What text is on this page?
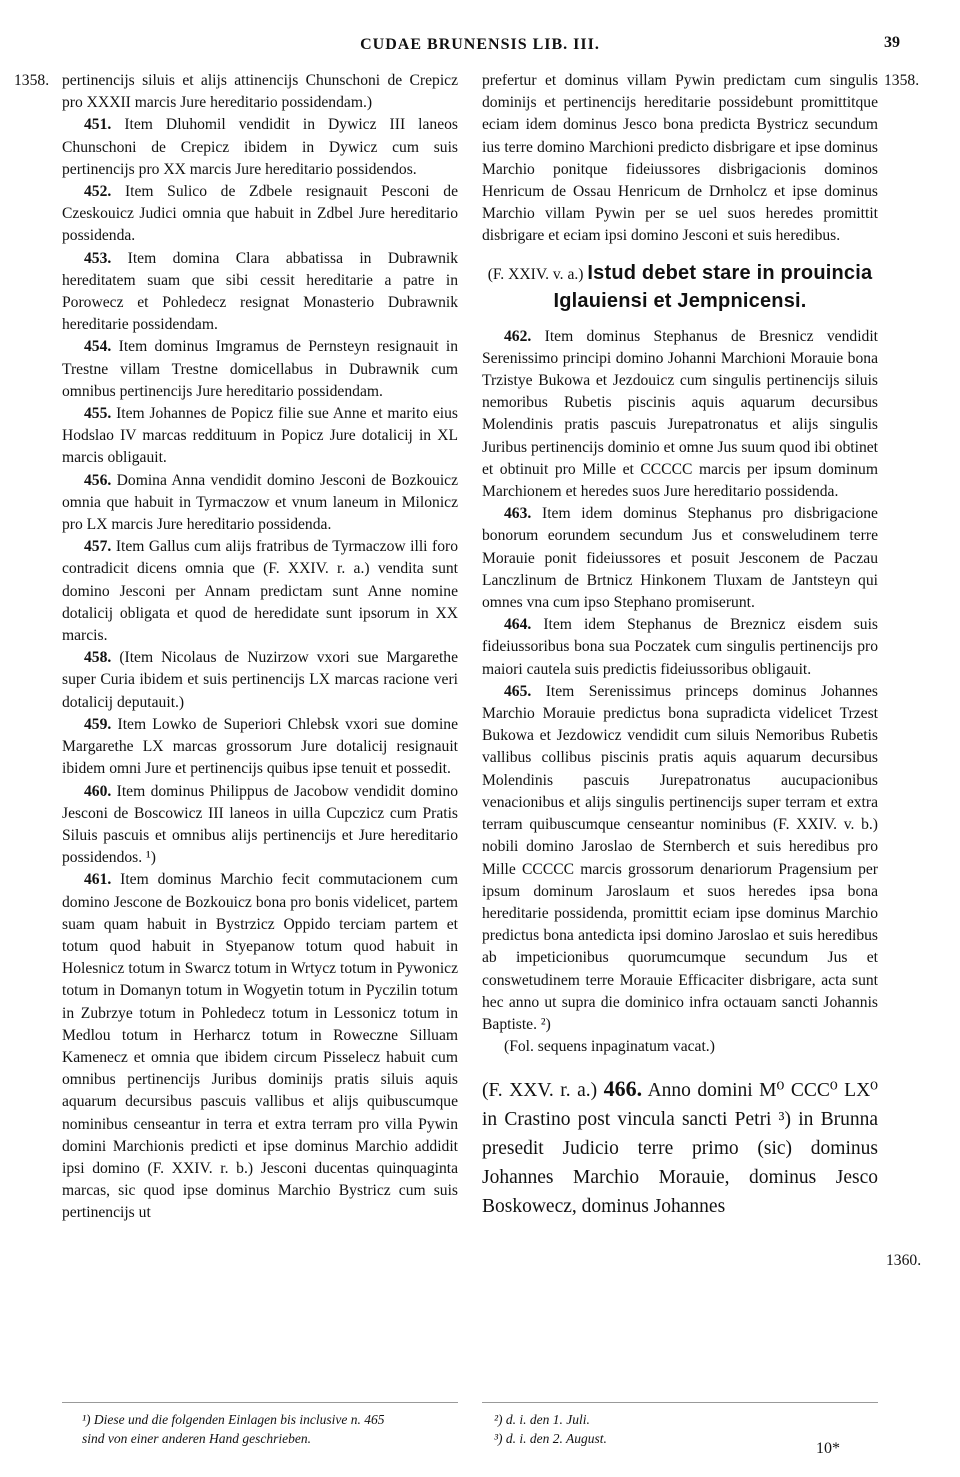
CUDAE BRUNENSIS LIB. III.	39
1358.	1358.
1360.

pertinencijs siluis et alijs attinencijs Chunschoni de Crepicz pro XXXII marcis Jure hereditario possidendam.)

451. Item Dluhomil vendidit in Dywicz III laneos Chunschoni de Crepicz ibidem in Dywicz cum suis pertinencijs pro XX marcis Jure hereditario possidendos.

452. Item Sulico de Zdbele resignauit Pesconi de Czeskouicz Judici omnia que habuit in Zdbel Jure hereditario possidenda.

453. Item domina Clara abbatissa in Dubrawnik hereditatem suam que sibi cessit hereditarie a patre in Porowecz et Pohledecz resignat Monasterio Dubrawnik hereditarie possidendam.

454. Item dominus Imgramus de Pernsteyn resignauit in Trestne villam Trestne domicellabus in Dubrawnik cum omnibus pertinencijs Jure hereditario possidendam.

455. Item Johannes de Popicz filie sue Anne et marito eius Hodslao IV marcas reddituum in Popicz Jure dotalicij in XL marcis obligauit.

456. Domina Anna vendidit domino Jesconi de Bozkouicz omnia que habuit in Tyrmaczow et vnum laneum in Milonicz pro LX marcis Jure hereditario possidenda.

457. Item Gallus cum alijs fratribus de Tyrmaczow illi foro contradicit dicens omnia que (F. XXIV. r. a.) vendita sunt domino Jesconi per Annam predictam sunt Anne nomine dotalicij obligata et quod de heredidate sunt ipsorum in XX marcis.

458. (Item Nicolaus de Nuzirzow vxori sue Margarethe super Curia ibidem et suis pertinencijs LX marcas racione veri dotalicij deputauit.)

459. Item Lowko de Superiori Chlebsk vxori sue domine Margarethe LX marcas grossorum Jure dotalicij resignauit ibidem omni Jure et pertinencijs quibus ipse tenuit et possedit.

460. Item dominus Philippus de Jacobow vendidit domino Jesconi de Boscowicz III laneos in uilla Cupczicz cum Pratis Siluis pascuis et omnibus alijs pertinencijs et Jure hereditario possidendos. ¹)

461. Item dominus Marchio fecit commutacionem cum domino Jescone de Bozkouicz bona pro bonis videlicet, partem suam quam habuit in Bystrzicz Oppido terciam partem et totum quod habuit in Styepanow totum quod habuit in Holesnicz totum in Swarcz totum in Wrtycz totum in Pywonicz totum in Domanyn totum in Wogyetin totum in Pyczilin totum in Zubrzye totum in Pohledecz totum in Lessonicz totum in Medlou totum in Herharcz totum in Roweczne Silluam Kamenecz et omnia que ibidem circum Pisselecz habuit cum omnibus pertinencijs Juribus dominijs pratis siluis aquis aquarum decursibus pascuis vallibus et alijs quibuscumque nominibus censeantur in terra et extra terram pro villa Pywin domini Marchionis predicti et ipse dominus Marchio addidit ipsi domino (F. XXIV. r. b.) Jesconi ducentas quinquaginta marcas, sic quod ipse dominus Marchio Bystricz cum suis pertinencijs ut

prefertur et dominus villam Pywin predictam cum singulis dominijs et pertinencijs hereditarie possidebunt promittitque eciam idem dominus Jesco bona predicta Bystricz secundum ius terre domino Marchioni predicto disbrigare et ipse dominus Marchio ponitque fideiussores disbrigacionis dominos Henricum de Ossau Henricum de Drnholcz et ipse dominus Marchio villam Pywin per se uel suos heredes promittit disbrigare et eciam ipsi domino Jesconi et suis heredibus.

(F. XXIV. v. a.) Istud debet stare in prouincia
Iglauiensi et Jempnicensi.

462. Item dominus Stephanus de Bresnicz vendidit Serenissimo principi domino Johanni Marchioni Morauie bona Trzistye Bukowa et Jezdouicz cum singulis pertinencijs siluis nemoribus Rubetis piscinis aquis aquarum decursibus Molendinis pratis pascuis Jurepatronatus et alijs singulis Juribus pertinencijs dominio et omne Jus suum quod ibi obtinet et obtinuit pro Mille et CCCCC marcis per ipsum dominum Marchionem et heredes suos Jure hereditario possidenda.

463. Item idem dominus Stephanus pro disbrigacione bonorum eorundem secundum Jus et consweludinem terre Morauie ponit fideiussores et posuit Jesconem de Paczau Lanczlinum de Brtnicz Hinkonem Tluxam de Jantsteyn qui omnes vna cum ipso Stephano promiserunt.

464. Item idem Stephanus de Breznicz eisdem suis fideiussoribus bona sua Poczatek cum singulis pertinencijs pro maiori cautela suis predictis fideiussoribus obligauit.

465. Item Serenissimus princeps dominus Johannes Marchio Morauie predictus bona supradicta videlicet Trzest Bukowa et Jezdowicz vendidit cum siluis Nemoribus Rubetis vallibus collibus piscinis pratis aquis aquarum decursibus Molendinis pascuis Jurepatronatus aucupacionibus venacionibus et alijs singulis pertinencijs super terram et extra terram quibuscumque censeantur nominibus (F. XXIV. v. b.) nobili domino Jaroslao de Sternberch et suis heredibus pro Mille CCCCC marcis grossorum denariorum Pragensium per ipsum dominum Jaroslaum et suos heredes ipsa bona hereditarie possidenda, promittit eciam ipse dominus Marchio predictus bona antedicta ipsi domino Jaroslao et suis heredibus ab impeticionibus quorumcumque secundum Jus et conswetudinem terre Morauie Efficaciter disbrigare, acta sunt hec anno ut supra die dominico infra octauam sancti Johannis Baptiste. ²)

(Fol. sequens inpaginatum vacat.)

(F. XXV. r. a.) 466. Anno domini M⁰ CCC⁰ LX⁰ in Crastino post vincula sancti Petri ³) in Brunna presedit Judicio terre primo (sic) dominus Johannes Marchio Morauie, dominus Jesco Boskowecz, dominus Johannes

¹) Diese und die folgenden Einlagen bis inclusive n. 465
sind von einer anderen Hand geschrieben.
²) d. i. den 1. Juli.
³) d. i. den 2. August.
10*
